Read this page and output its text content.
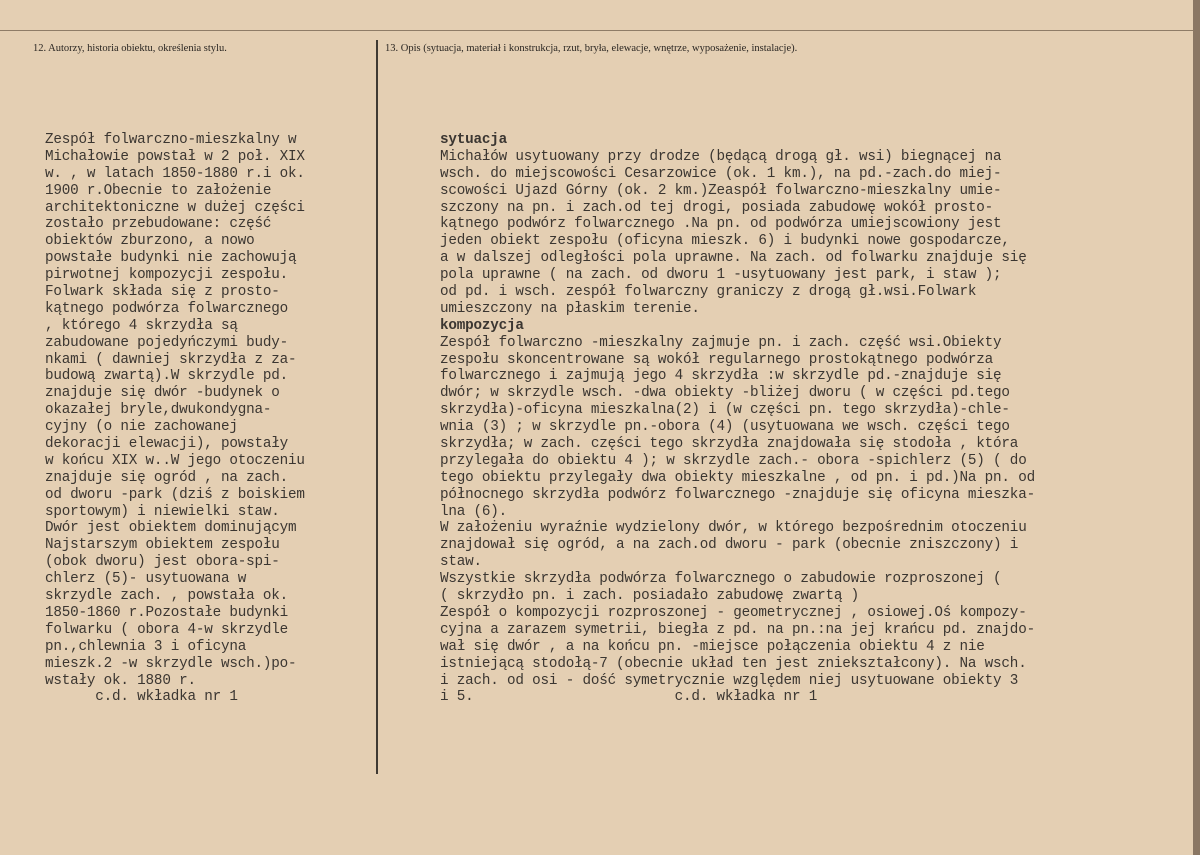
12. Autorzy, historia obiektu, określenia stylu.	13. Opis (sytuacja, materiał i konstrukcja, rzut, bryła, elewacje, wnętrze, wyposażenie, instalacje).
Zespół folwarczno-mieszkalny w
Michałowie powstał w 2 poł. XIX
w. , w latach 1850-1880 r.i ok.
1900 r.Obecnie to założenie
architektoniczne w dużej części
zostało przebudowane: część
obiektów zburzono, a nowo
powstałe budynki nie zachowują
pirwotnej kompozycji zespołu.
Folwark składa się z prosto-
kątnego podwórza folwarcznego
, którego 4 skrzydła są
zabudowane pojedyńczymi budy-
nkami ( dawniej skrzydła z za-
budową zwartą).W skrzydle pd.
znajduje się dwór -budynek o
okazałej bryle,dwukondygna-
cyjny (o nie zachowanej
dekoracji elewacji), powstały
w końcu XIX w..W jego otoczeniu
znajduje się ogród , na zach.
od dworu -park (dziś z boiskiem
sportowym) i niewielki staw.
Dwór jest obiektem dominującym
Najstarszym obiektem zespołu
(obok dworu) jest obora-spi-
chlerz (5)- usytuowana w
skrzydle zach. , powstała ok.
1850-1860 r.Pozostałe budynki
folwarku ( obora 4-w skrzydle
pn.,chlewnia 3 i oficyna
mieszk.2 -w skrzydle wsch.)po-
wstały ok. 1880 r.
c.d. wkładka nr 1
sytuacja
Michałów usytuowany przy drodze (będącą drogą gł. wsi) biegnącej na
wsch. do miejscowości Cesarzowice (ok. 1 km.), na pd.-zach.do miej-
scowości Ujazd Górny (ok. 2 km.)Zeaspół folwarczno-mieszkalny umie-
szczony na pn. i zach.od tej drogi, posiada zabudowę wokół prosto-
kątnego podwórz folwarcznego .Na pn. od podwórza umiejscowiony jest
jeden obiekt zespołu (oficyna mieszk. 6) i budynki nowe gospodarcze,
a w dalszej odległości pola uprawne. Na zach. od folwarku znajduje się
pola uprawne ( na zach. od dworu 1 -usytuowany jest park, i staw );
od pd. i wsch. zespół folwarczny graniczy z drogą gł.wsi.Folwark
umieszczony na płaskim terenie.
kompozycja
Zespół folwarczno -mieszkalny zajmuje pn. i zach. część wsi.Obiekty
zespołu skoncentrowane są wokół regularnego prostokątnego podwórza
folwarcznego i zajmują jego 4 skrzydła :w skrzydle pd.-znajduje się
dwór; w skrzydle wsch. -dwa obiekty -bliżej dworu ( w części pd.tego
skrzydła)-oficyna mieszkalna(2) i (w części pn. tego skrzydła)-chle-
wnia (3) ; w skrzydle pn.-obora (4) (usytuowana we wsch. części tego
skrzydła; w zach. części tego skrzydła znajdowała się stodoła , która
przylegała do obiektu 4 ); w skrzydle zach.- obora -spichlerz (5) ( do
tego obiektu przylegały dwa obiekty mieszkalne , od pn. i pd.)Na pn. od
północnego skrzydła podwórz folwarcznego -znajduje się oficyna mieszka-
lna (6).
W założeniu wyraźnie wydzielony dwór, w którego bezpośrednim otoczeniu
znajdował się ogród, a na zach.od dworu - park (obecnie zniszczony) i
staw.
Wszystkie skrzydła podwórza folwarcznego o zabudowie rozproszonej (
( skrzydło pn. i zach. posiadało zabudowę zwartą )
Zespół o kompozycji rozproszonej - geometrycznej , osiowej.Oś kompozy-
cyjna a zarazem symetrii, biegła z pd. na pn.:na jej krańcu pd. znajdo-
wał się dwór , a na końcu pn. -miejsce połączenia obiektu 4 z nie
istniejącą stodołą-7 (obecnie układ ten jest zniekształcony). Na wsch.
i zach. od osi - dość symetrycznie względem niej usytuowane obiekty 3
i 5.                        c.d. wkładka nr 1
